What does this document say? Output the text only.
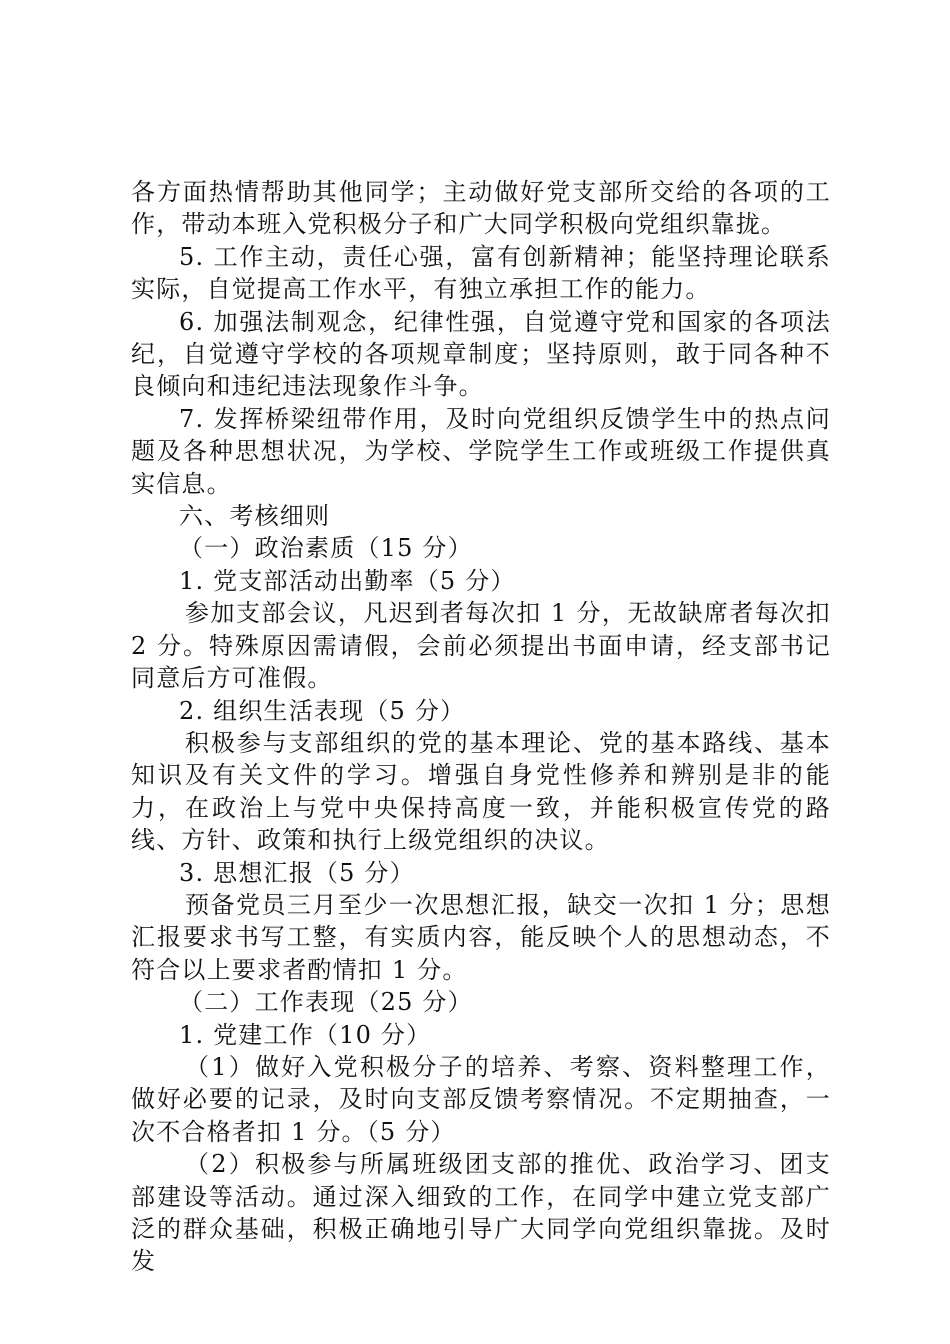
各方面热情帮助其他同学；主动做好党支部所交给的各项的工作，带动本班入党积极分子和广大同学积极向党组织靠拢。

5. 工作主动，责任心强，富有创新精神；能坚持理论联系实际，自觉提高工作水平，有独立承担工作的能力。

6. 加强法制观念，纪律性强，自觉遵守党和国家的各项法纪，自觉遵守学校的各项规章制度；坚持原则，敢于同各种不良倾向和违纪违法现象作斗争。

7. 发挥桥梁纽带作用，及时向党组织反馈学生中的热点问题及各种思想状况，为学校、学院学生工作或班级工作提供真实信息。

六、考核细则

（一）政治素质（15 分）

1. 党支部活动出勤率（5 分）

参加支部会议，凡迟到者每次扣 1 分，无故缺席者每次扣 2 分。特殊原因需请假，会前必须提出书面申请，经支部书记同意后方可准假。

2. 组织生活表现（5 分）

积极参与支部组织的党的基本理论、党的基本路线、基本知识及有关文件的学习。增强自身党性修养和辨别是非的能力，在政治上与党中央保持高度一致，并能积极宣传党的路线、方针、政策和执行上级党组织的决议。

3. 思想汇报（5 分）

预备党员三月至少一次思想汇报，缺交一次扣 1 分；思想汇报要求书写工整，有实质内容，能反映个人的思想动态，不符合以上要求者酌情扣 1 分。

（二）工作表现（25 分）

1. 党建工作（10 分）

（1）做好入党积极分子的培养、考察、资料整理工作，做好必要的记录，及时向支部反馈考察情况。不定期抽查，一次不合格者扣 1 分。（5 分）

（2）积极参与所属班级团支部的推优、政治学习、团支部建设等活动。通过深入细致的工作，在同学中建立党支部广泛的群众基础，积极正确地引导广大同学向党组织靠拢。及时发
